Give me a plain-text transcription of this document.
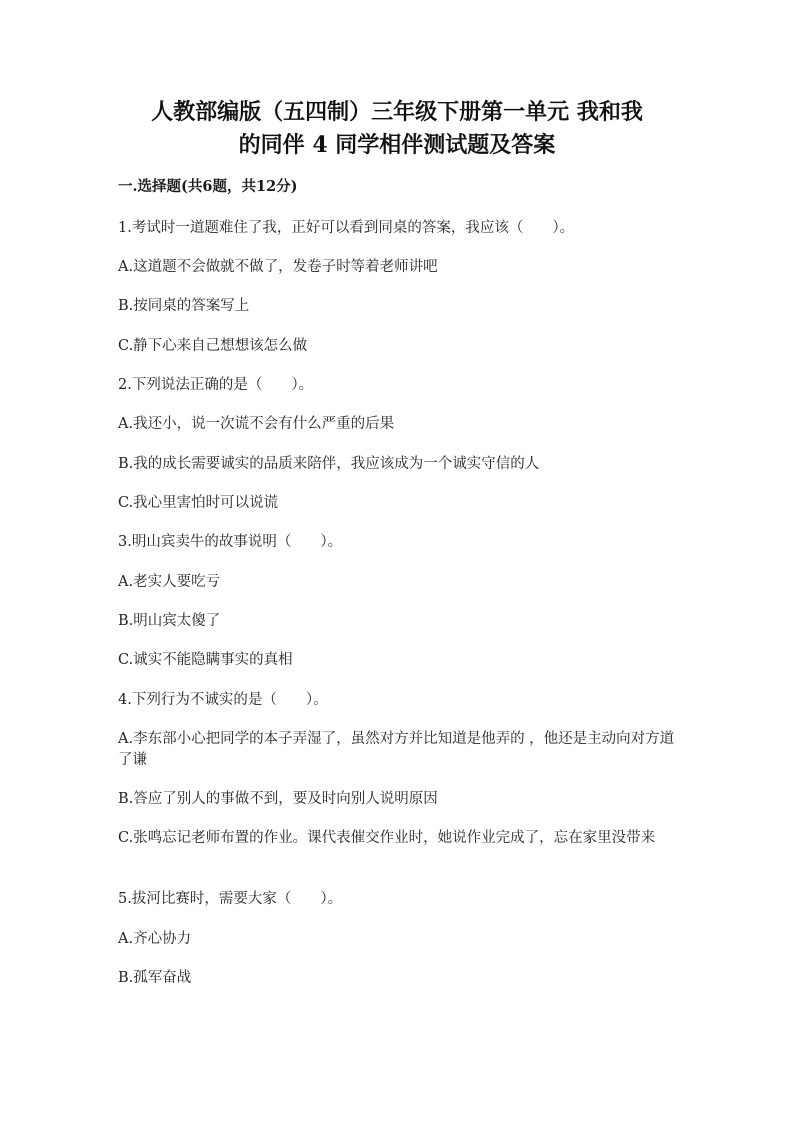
人教部编版（五四制）三年级下册第一单元 我和我
的同伴 4 同学相伴测试题及答案
一.选择题(共6题，共12分)
1.考试时一道题难住了我，正好可以看到同桌的答案，我应该（　　）。
A.这道题不会做就不做了，发卷子时等着老师讲吧
B.按同桌的答案写上
C.静下心来自己想想该怎么做
2.下列说法正确的是（　　）。
A.我还小，说一次谎不会有什么严重的后果
B.我的成长需要诚实的品质来陪伴，我应该成为一个诚实守信的人
C.我心里害怕时可以说谎
3.明山宾卖牛的故事说明（　　）。
A.老实人要吃亏
B.明山宾太傻了
C.诚实不能隐瞒事实的真相
4.下列行为不诚实的是（　　）。
A.李东部小心把同学的本子弄湿了，虽然对方并比知道是他弄的 ，他还是主动向对方道了谦
B.答应了别人的事做不到，要及时向别人说明原因
C.张鸣忘记老师布置的作业。课代表催交作业时，她说作业完成了，忘在家里没带来
5.拔河比赛时，需要大家（　　）。
A.齐心协力
B.孤军奋战
